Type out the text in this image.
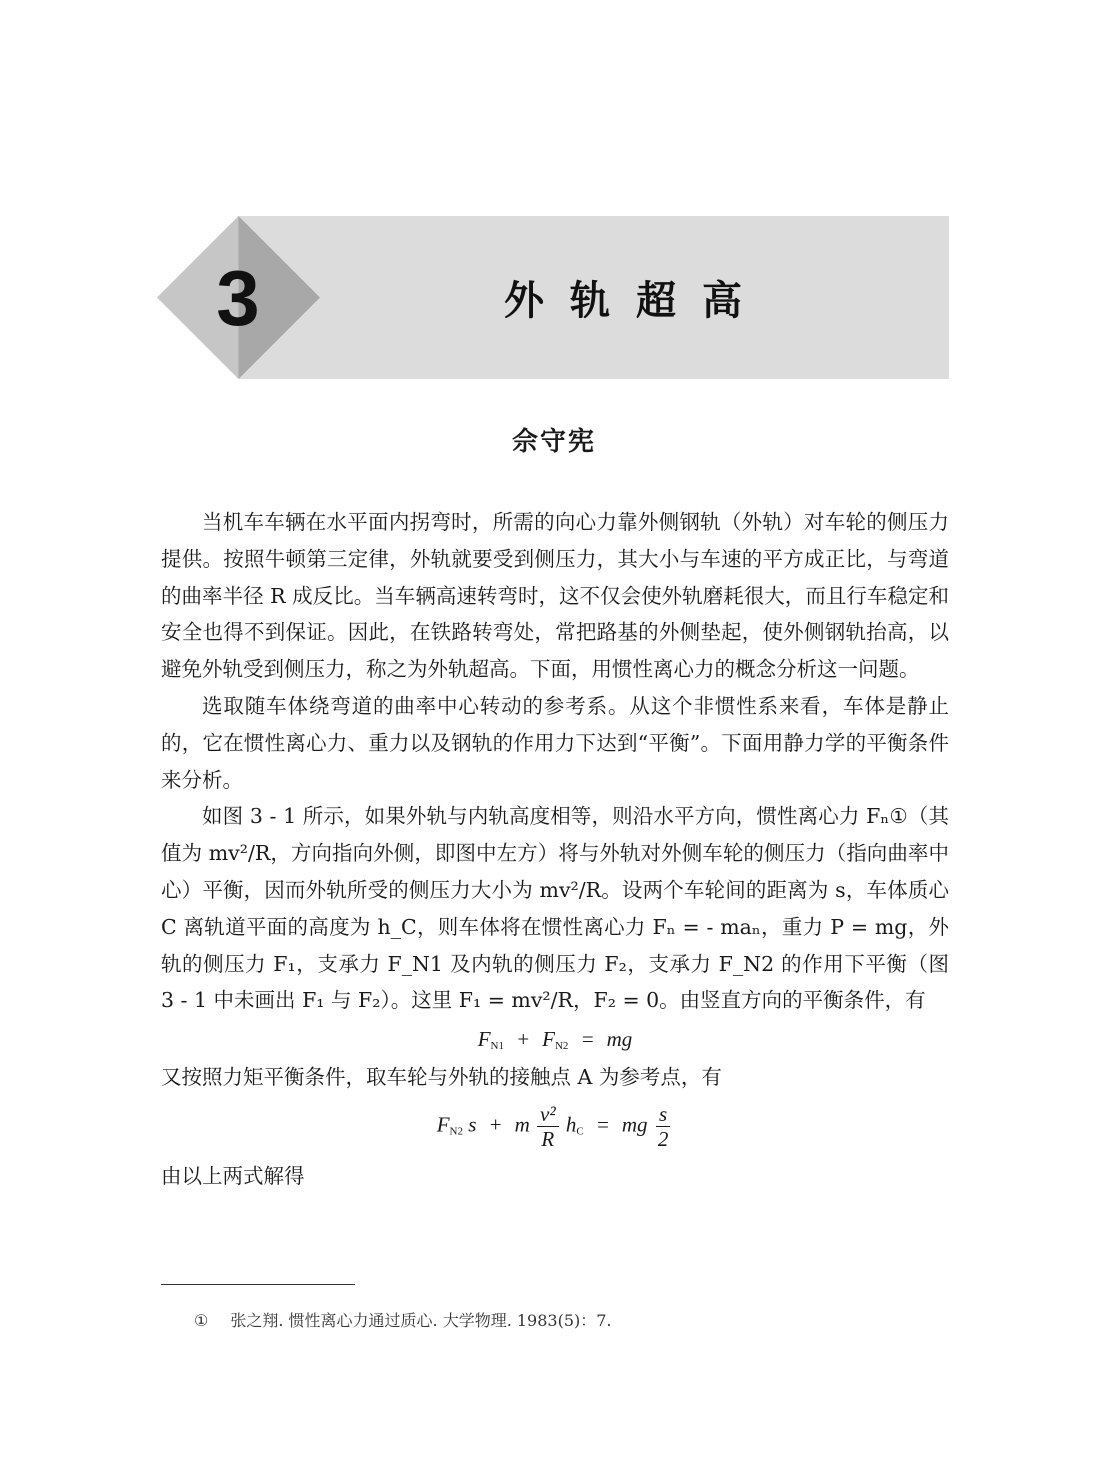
3	外轨超高
佘守宪

当机车车辆在水平面内拐弯时，所需的向心力靠外侧钢轨（外轨）对车轮的侧压力提供。按照牛顿第三定律，外轨就要受到侧压力，其大小与车速的平方成正比，与弯道的曲率半径 R 成反比。当车辆高速转弯时，这不仅会使外轨磨耗很大，而且行车稳定和安全也得不到保证。因此，在铁路转弯处，常把路基的外侧垫起，使外侧钢轨抬高，以避免外轨受到侧压力，称之为外轨超高。下面，用惯性离心力的概念分析这一问题。

选取随车体绕弯道的曲率中心转动的参考系。从这个非惯性系来看，车体是静止的，它在惯性离心力、重力以及钢轨的作用力下达到“平衡”。下面用静力学的平衡条件来分析。

如图 3 - 1 所示，如果外轨与内轨高度相等，则沿水平方向，惯性离心力 Fₙ①（其值为 mv²/R，方向指向外侧，即图中左方）将与外轨对外侧车轮的侧压力（指向曲率中心）平衡，因而外轨所受的侧压力大小为 mv²/R。设两个车轮间的距离为 s，车体质心 C 离轨道平面的高度为 h_C，则车体将在惯性离心力 Fₙ = - maₙ，重力 P = mg，外轨的侧压力 F₁，支承力 F_N1 及内轨的侧压力 F₂，支承力 F_N2 的作用下平衡（图 3 - 1 中未画出 F₁ 与 F₂）。这里 F₁ = mv²/R，F₂ = 0。由竖直方向的平衡条件，有

$F_{N1} + F_{N2}$ = mg

又按照力矩平衡条件，取车轮与外轨的接触点 A 为参考点，有

$F_{N2}$ s + m $\frac{\text{v²}}{R} h_C$ = mg $\frac{s}{2}$

由以上两式解得

① 张之翔. 惯性离心力通过质心. 大学物理. 1983(5)：7.
